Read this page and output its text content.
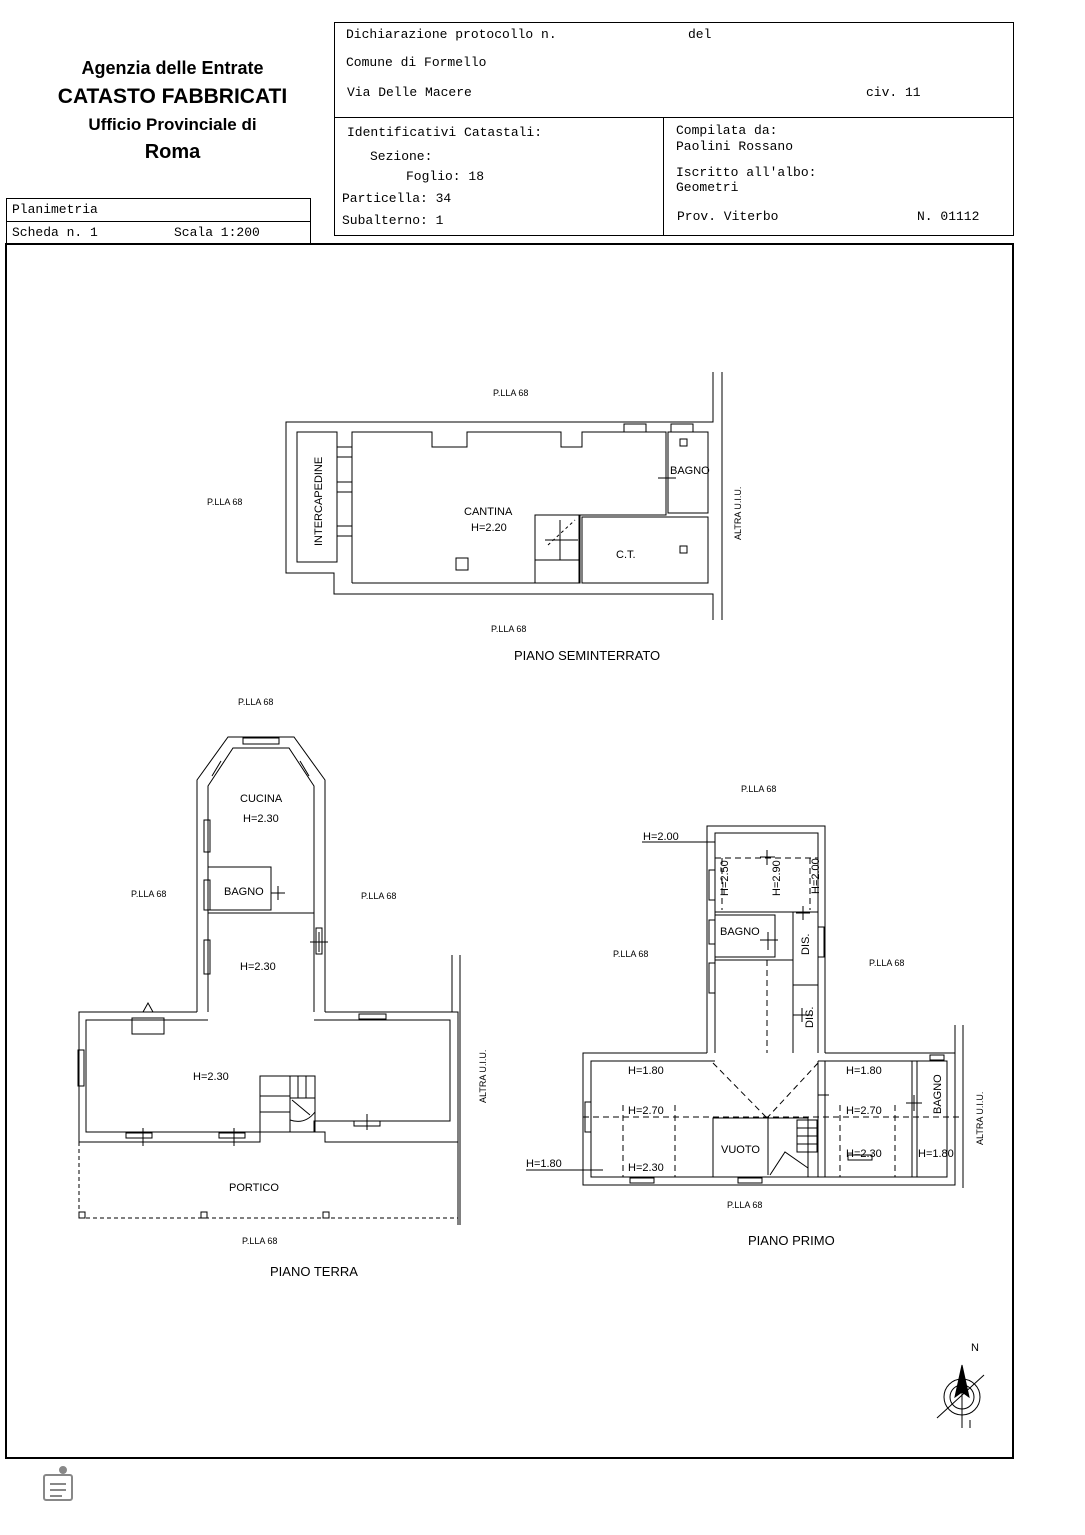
Agenzia delle Entrate
CATASTO FABBRICATI
Ufficio Provinciale di
Roma
Planimetria
Scheda n. 1	Scala 1:200
Dichiarazione protocollo n.	del
Comune di Formello
Via Delle Macere	civ. 11
Identificativi Catastali:
Sezione:
Foglio: 18
Particella: 34
Subalterno: 1
Compilata da:
Paolini Rossano
Iscritto all'albo:
Geometri
Prov. Viterbo	N. 01112
P.LLA 68
P.LLA 68
P.LLA 68
ALTRA U.I.U.
P.LLA 68
P.LLA 68	P.LLA 68
ALTRA U.I.U.
P.LLA 68
P.LLA 68
P.LLA 68
P.LLA 68
ALTRA U.I.U.
P.LLA 68
INTERCAPEDINE	CANTINA
H=2.20
BAGNO
C.T.
CUCINA
H=2.30
BAGNO
H=2.30
H=2.30
PORTICO
H=2.00
H=2.50	H=2.90 H=2.00
BAGNO
DIS.
DIS.
H=1.80
H=2.70
H=1.80	H=2.30
VUOTO
H=1.80
H=2.70
H=2.30
BAGNO
H=1.80
N
PIANO SEMINTERRATO
PIANO TERRA
PIANO PRIMO
